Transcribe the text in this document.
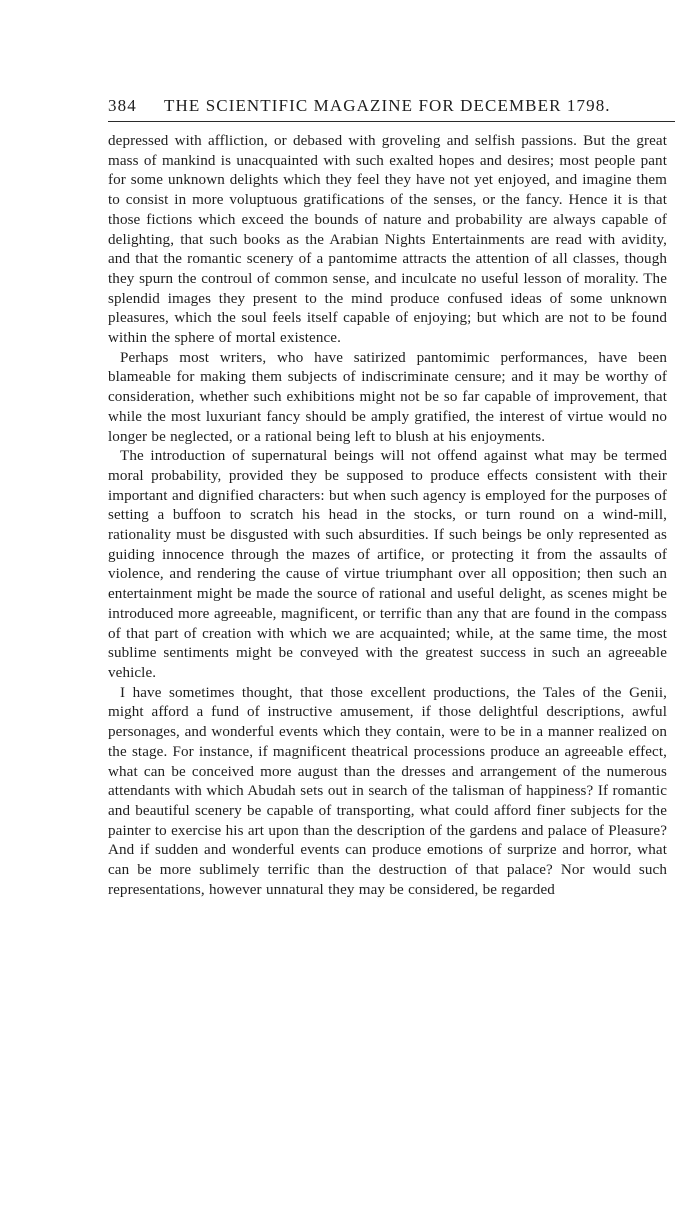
384 THE SCIENTIFIC MAGAZINE FOR DECEMBER 1798.

depressed with affliction, or debased with groveling and selfish passions. But the great mass of mankind is unacquainted with such exalted hopes and desires; most people pant for some unknown delights which they feel they have not yet enjoyed, and imagine them to consist in more voluptuous gratifications of the senses, or the fancy. Hence it is that those fictions which exceed the bounds of nature and probability are always capable of delighting, that such books as the Arabian Nights Entertainments are read with avidity, and that the romantic scenery of a pantomime attracts the attention of all classes, though they spurn the controul of common sense, and inculcate no useful lesson of morality. The splendid images they present to the mind produce confused ideas of some unknown pleasures, which the soul feels itself capable of enjoying; but which are not to be found within the sphere of mortal existence.

Perhaps most writers, who have satirized pantomimic performances, have been blameable for making them subjects of indiscriminate censure; and it may be worthy of consideration, whether such exhibitions might not be so far capable of improvement, that while the most luxuriant fancy should be amply gratified, the interest of virtue would no longer be neglected, or a rational being left to blush at his enjoyments.

The introduction of supernatural beings will not offend against what may be termed moral probability, provided they be supposed to produce effects consistent with their important and dignified characters: but when such agency is employed for the purposes of setting a buffoon to scratch his head in the stocks, or turn round on a wind-mill, rationality must be disgusted with such absurdities. If such beings be only represented as guiding innocence through the mazes of artifice, or protecting it from the assaults of violence, and rendering the cause of virtue triumphant over all opposition; then such an entertainment might be made the source of rational and useful delight, as scenes might be introduced more agreeable, magnificent, or terrific than any that are found in the compass of that part of creation with which we are acquainted; while, at the same time, the most sublime sentiments might be conveyed with the greatest success in such an agreeable vehicle.

I have sometimes thought, that those excellent productions, the Tales of the Genii, might afford a fund of instructive amusement, if those delightful descriptions, awful personages, and wonderful events which they contain, were to be in a manner realized on the stage. For instance, if magnificent theatrical processions produce an agreeable effect, what can be conceived more august than the dresses and arrangement of the numerous attendants with which Abudah sets out in search of the talisman of happiness? If romantic and beautiful scenery be capable of transporting, what could afford finer subjects for the painter to exercise his art upon than the description of the gardens and palace of Pleasure? And if sudden and wonderful events can produce emotions of surprize and horror, what can be more sublimely terrific than the destruction of that palace? Nor would such representations, however unnatural they may be considered, be regarded
